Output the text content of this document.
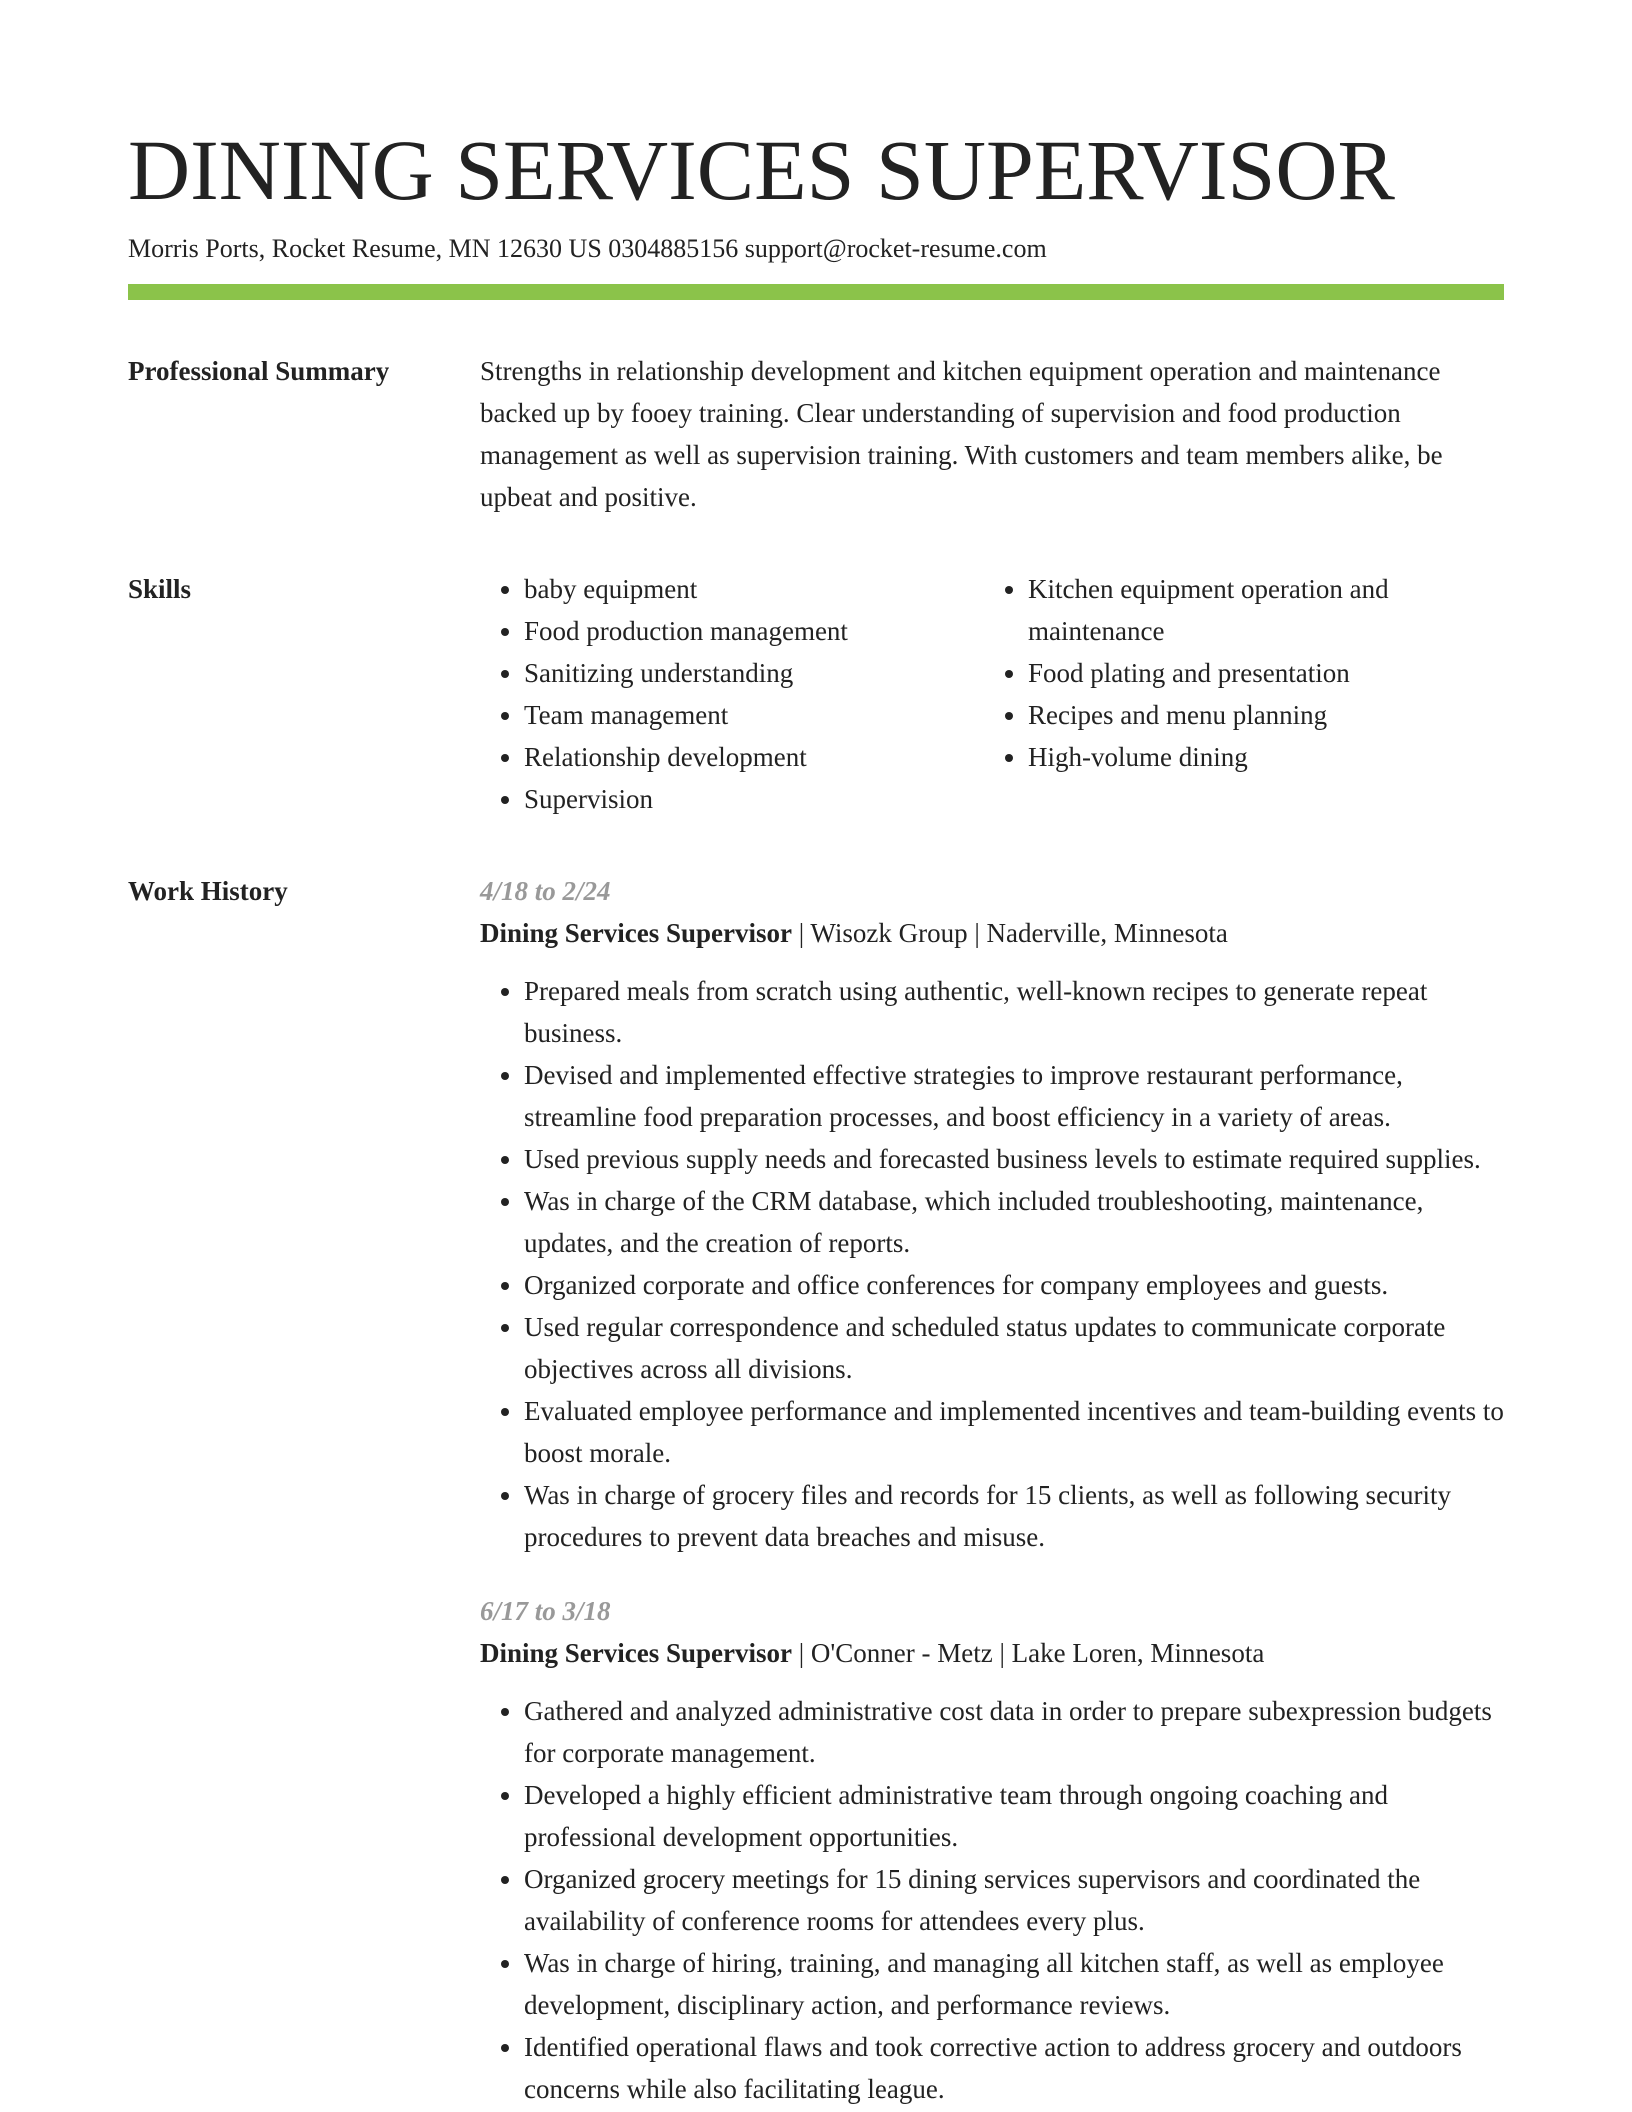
DINING SERVICES SUPERVISOR
Morris Ports, Rocket Resume, MN 12630 US 0304885156 support@rocket-resume.com
Professional Summary	Strengths in relationship development and kitchen equipment operation and maintenance backed up by fooey training. Clear understanding of supervision and food production management as well as supervision training. With customers and team members alike, be upbeat and positive.

Skills
•	baby equipment
• Food production management
• Sanitizing understanding
• Team management
• Relationship development
• Supervision
• Kitchen equipment operation and maintenance
• Food plating and presentation
• Recipes and menu planning
• High-volume dining
Work History	4/18 to 2/24

Dining Services Supervisor | Wisozk Group | Naderville, Minnesota

• Prepared meals from scratch using authentic, well-known recipes to generate repeat business.
• Devised and implemented effective strategies to improve restaurant performance, streamline food preparation processes, and boost efficiency in a variety of areas.
• Used previous supply needs and forecasted business levels to estimate required supplies.
• Was in charge of the CRM database, which included troubleshooting, maintenance, updates, and the creation of reports.
• Organized corporate and office conferences for company employees and guests.
• Used regular correspondence and scheduled status updates to communicate corporate objectives across all divisions.
• Evaluated employee performance and implemented incentives and team-building events to boost morale.
• Was in charge of grocery files and records for 15 clients, as well as following security procedures to prevent data breaches and misuse.
6/17 to 3/18

Dining Services Supervisor | O'Conner - Metz | Lake Loren, Minnesota

• Gathered and analyzed administrative cost data in order to prepare subexpression budgets for corporate management.
• Developed a highly efficient administrative team through ongoing coaching and professional development opportunities.
• Organized grocery meetings for 15 dining services supervisors and coordinated the availability of conference rooms for attendees every plus.
• Was in charge of hiring, training, and managing all kitchen staff, as well as employee development, disciplinary action, and performance reviews.
• Identified operational flaws and took corrective action to address grocery and outdoors concerns while also facilitating league.
